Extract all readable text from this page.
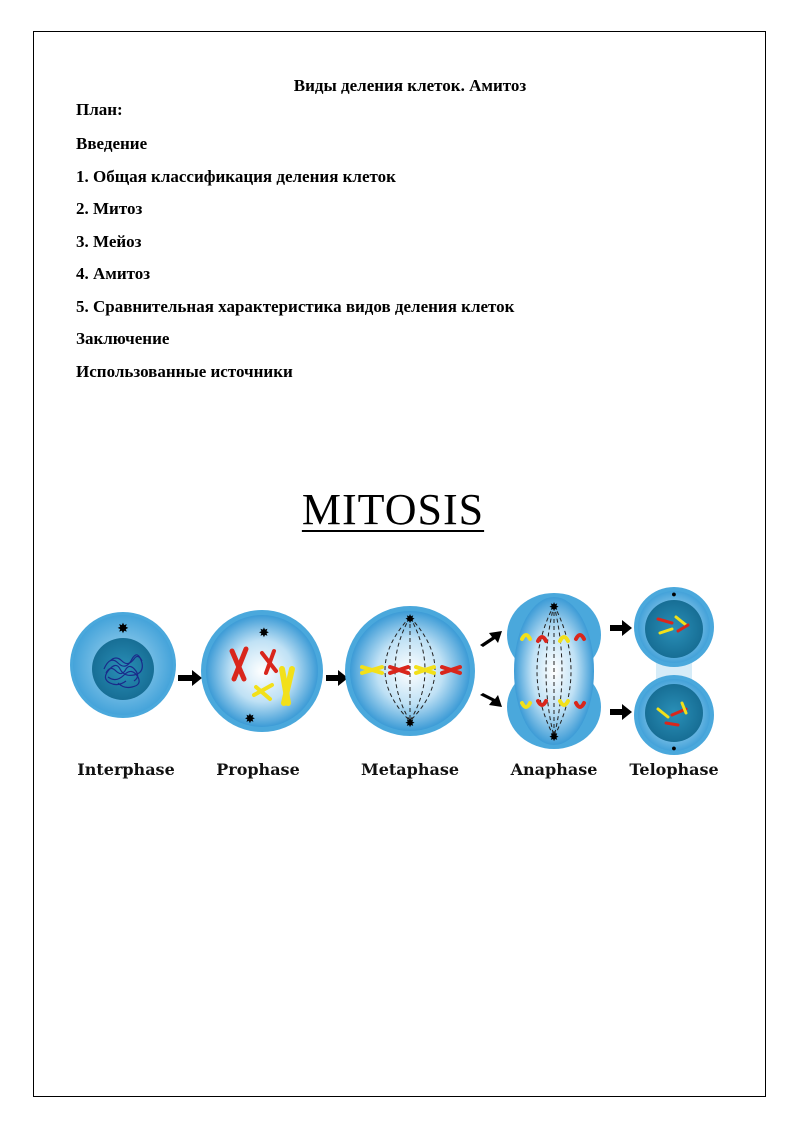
Виды деления клеток. Амитоз
План:
Введение
1. Общая классификация деления клеток
2. Митоз
3. Мейоз
4. Амитоз
5. Сравнительная характеристика видов деления клеток
Заключение
Использованные источники
MITOSIS
✸	✸
✸
✸
✸
✸
✸
●
●
Interphase	Prophase	Metaphase	Anaphase Telophase
